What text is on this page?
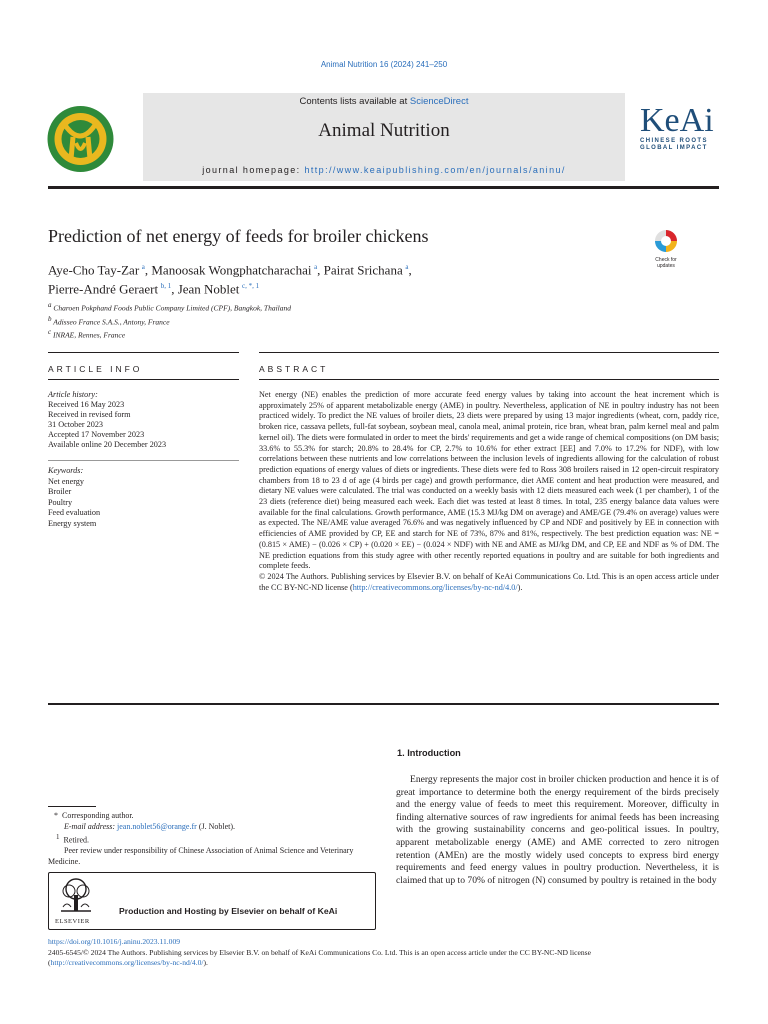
Animal Nutrition 16 (2024) 241–250
Contents lists available at ScienceDirect
Animal Nutrition
journal homepage: http://www.keaipublishing.com/en/journals/aninu/
KeAi
CHINESE ROOTS
GLOBAL IMPACT
Prediction of net energy of feeds for broiler chickens
Check for
updates
Aye-Cho Tay-Zar  $^a$, Manoosak Wongphatcharachai  $^a$, Pairat Srichana  $^a$,
Pierre-André Geraert  $^{b, 1}$, Jean Noblet  $^{c, *, 1}$
$^a$ Charoen Pokphand Foods Public Company Limited (CPF), Bangkok, Thailand
$^b$ Adisseo France S.A.S., Antony, France
$^c$ INRAE, Rennes, France
ARTICLE INFO	ABSTRACT
Article history:
Received 16 May 2023
Received in revised form
31 October 2023
Accepted 17 November 2023
Available online 20 December 2023
Keywords:
Net energy
Broiler
Poultry
Feed evaluation
Energy system

Net energy (NE) enables the prediction of more accurate feed energy values by taking into account the heat increment which is approximately 25% of apparent metabolizable energy (AME) in poultry. Nevertheless, application of NE in poultry industry has not been practiced widely. To predict the NE values of broiler diets, 23 diets were prepared by using 13 major ingredients (wheat, corn, paddy rice, broken rice, cassava pellets, full-fat soybean, soybean meal, canola meal, animal protein, rice bran, wheat bran, palm kernel meal and palm kernel oil). The diets were formulated in order to meet the birds' requirements and get a wide range of chemical compositions (on DM basis; 33.6% to 55.3% for starch; 20.8% to 28.4% for CP, 2.7% to 10.6% for ether extract [EE] and 7.0% to 17.2% for NDF), with low correlations between these nutrients and low correlations between the inclusion levels of ingredients allowing for the calculation of robust prediction equations of energy values of diets or ingredients. These diets were fed to Ross 308 broilers raised in 12 open-circuit respiratory chambers from 18 to 23 d of age (4 birds per cage) and growth performance, diet AME content and heat production were measured, and dietary NE values were calculated. The trial was conducted on a weekly basis with 12 diets measured each week (1 per chamber), 1 of the 23 diets (reference diet) being measured each week. Each diet was tested at least 8 times. In total, 235 energy balance data values were available for the final calculations. Growth performance, AME (15.3 MJ/kg DM on average) and AME/GE (79.4% on average) values were as expected. The NE/AME value averaged 76.6% and was negatively influenced by CP and NDF and positively by EE in connection with efficiencies of AME provided by CP, EE and starch for NE of 73%, 87% and 81%, respectively. The best prediction equation was: NE = (0.815 × AME) − (0.026 × CP) + (0.020 × EE) − (0.024 × NDF) with NE and AME as MJ/kg DM, and CP, EE and NDF as % of DM. The NE prediction equations from this study agree with other recently reported equations in poultry and are suitable for both ingredients and complete feeds.

© 2024 The Authors. Publishing services by Elsevier B.V. on behalf of KeAi Communications Co. Ltd. This is an open access article under the CC BY-NC-ND license (http://creativecommons.org/licenses/by-nc-nd/4.0/).

1. Introduction
Energy represents the major cost in broiler chicken production and hence it is of great importance to determine both the energy requirement of the birds precisely and the energy value of feeds to meet this requirement. Moreover, difficulty in finding alternative sources of raw ingredients for animal feeds has been increasing with the growing sustainability concerns and geo-political issues. In poultry, apparent metabolizable energy (AME) and AME corrected to zero nitrogen retention (AMEn) are the mostly widely used concepts to express bird energy requirements and feed energy values in poultry production. Nevertheless, it is claimed that up to 70% of nitrogen (N) consumed by poultry is retained in the body
* Corresponding author.
E-mail address: jean.noblet56@orange.fr (J. Noblet).
$^1$ Retired.
Peer review under responsibility of Chinese Association of Animal Science and Veterinary Medicine.
ELSEVIER
Production and Hosting by Elsevier on behalf of KeAi
https://doi.org/10.1016/j.aninu.2023.11.009
2405-6545/© 2024 The Authors. Publishing services by Elsevier B.V. on behalf of KeAi Communications Co. Ltd. This is an open access article under the CC BY-NC-ND license
(http://creativecommons.org/licenses/by-nc-nd/4.0/).
